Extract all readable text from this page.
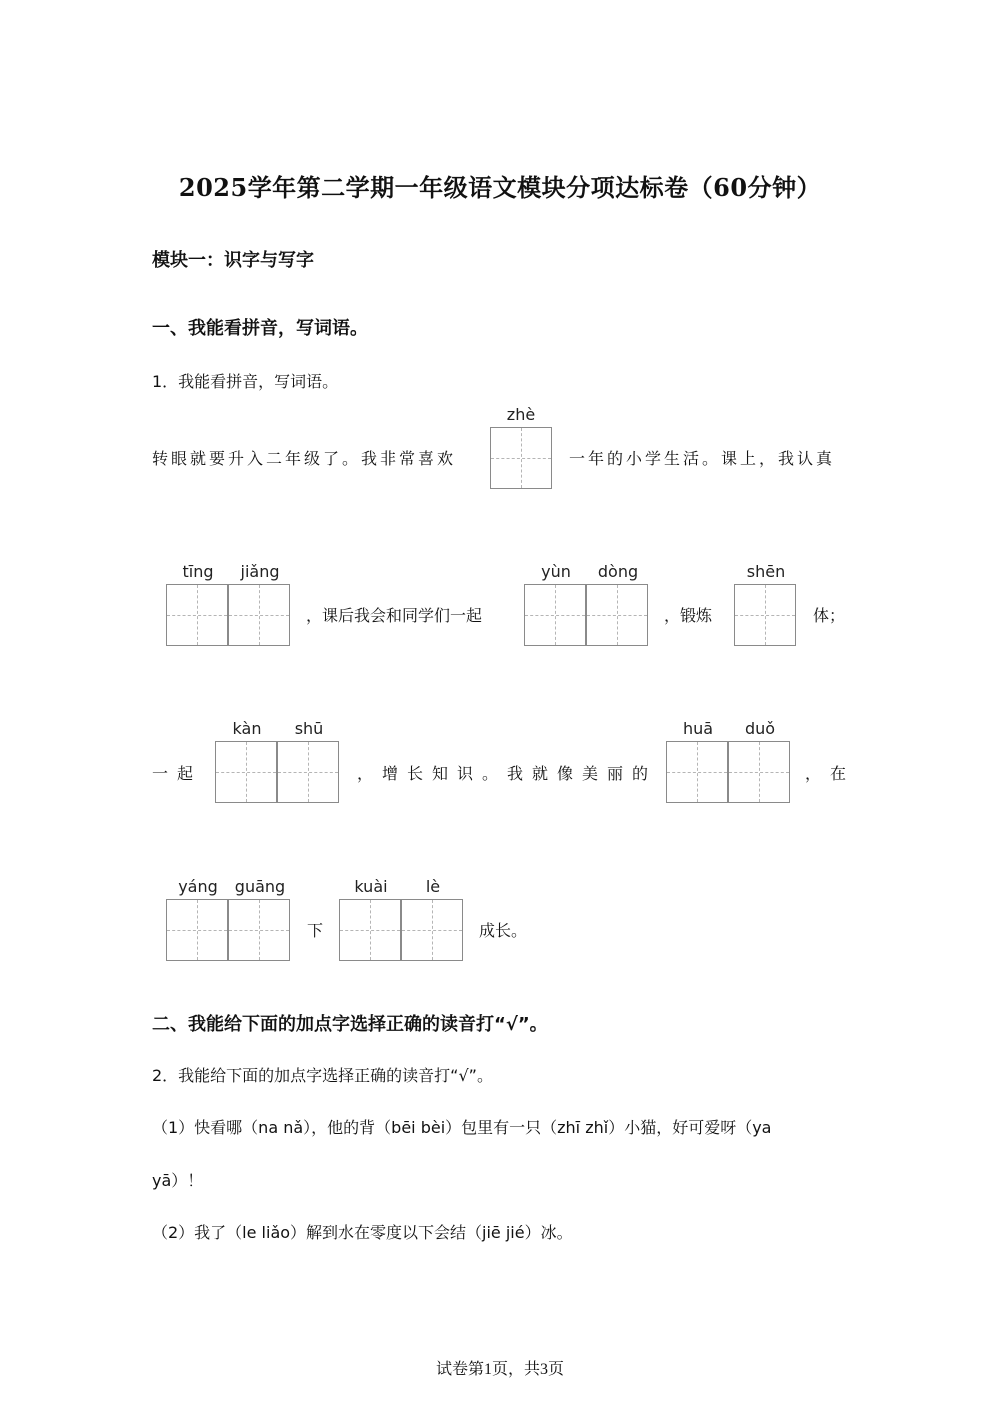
2025学年第二学期一年级语文模块分项达标卷（60分钟）
模块一：识字与写字
一、我能看拼音，写词语。
1．我能看拼音，写词语。
zhè
转眼就要升入二年级了。我非常喜欢	一年的小学生活。课上，我认真
tīng	jiǎng
，课后我会和同学们一起
yùn	dòng
，锻炼
shēn
体；
一起
kàn	shū
，增长知识。我就像美丽的
huā	duǒ
，在
yáng	guāng
下
kuài	lè
成长。
二、我能给下面的加点字选择正确的读音打“√”。
2．我能给下面的加点字选择正确的读音打“√”。
（1）快看哪（na nǎ），他的背（bēi bèi）包里有一只（zhī zhǐ）小猫，好可爱呀（ya
yā）！
（2）我了（le liǎo）解到水在零度以下会结（jiē jié）冰。
试卷第1页，共3页
